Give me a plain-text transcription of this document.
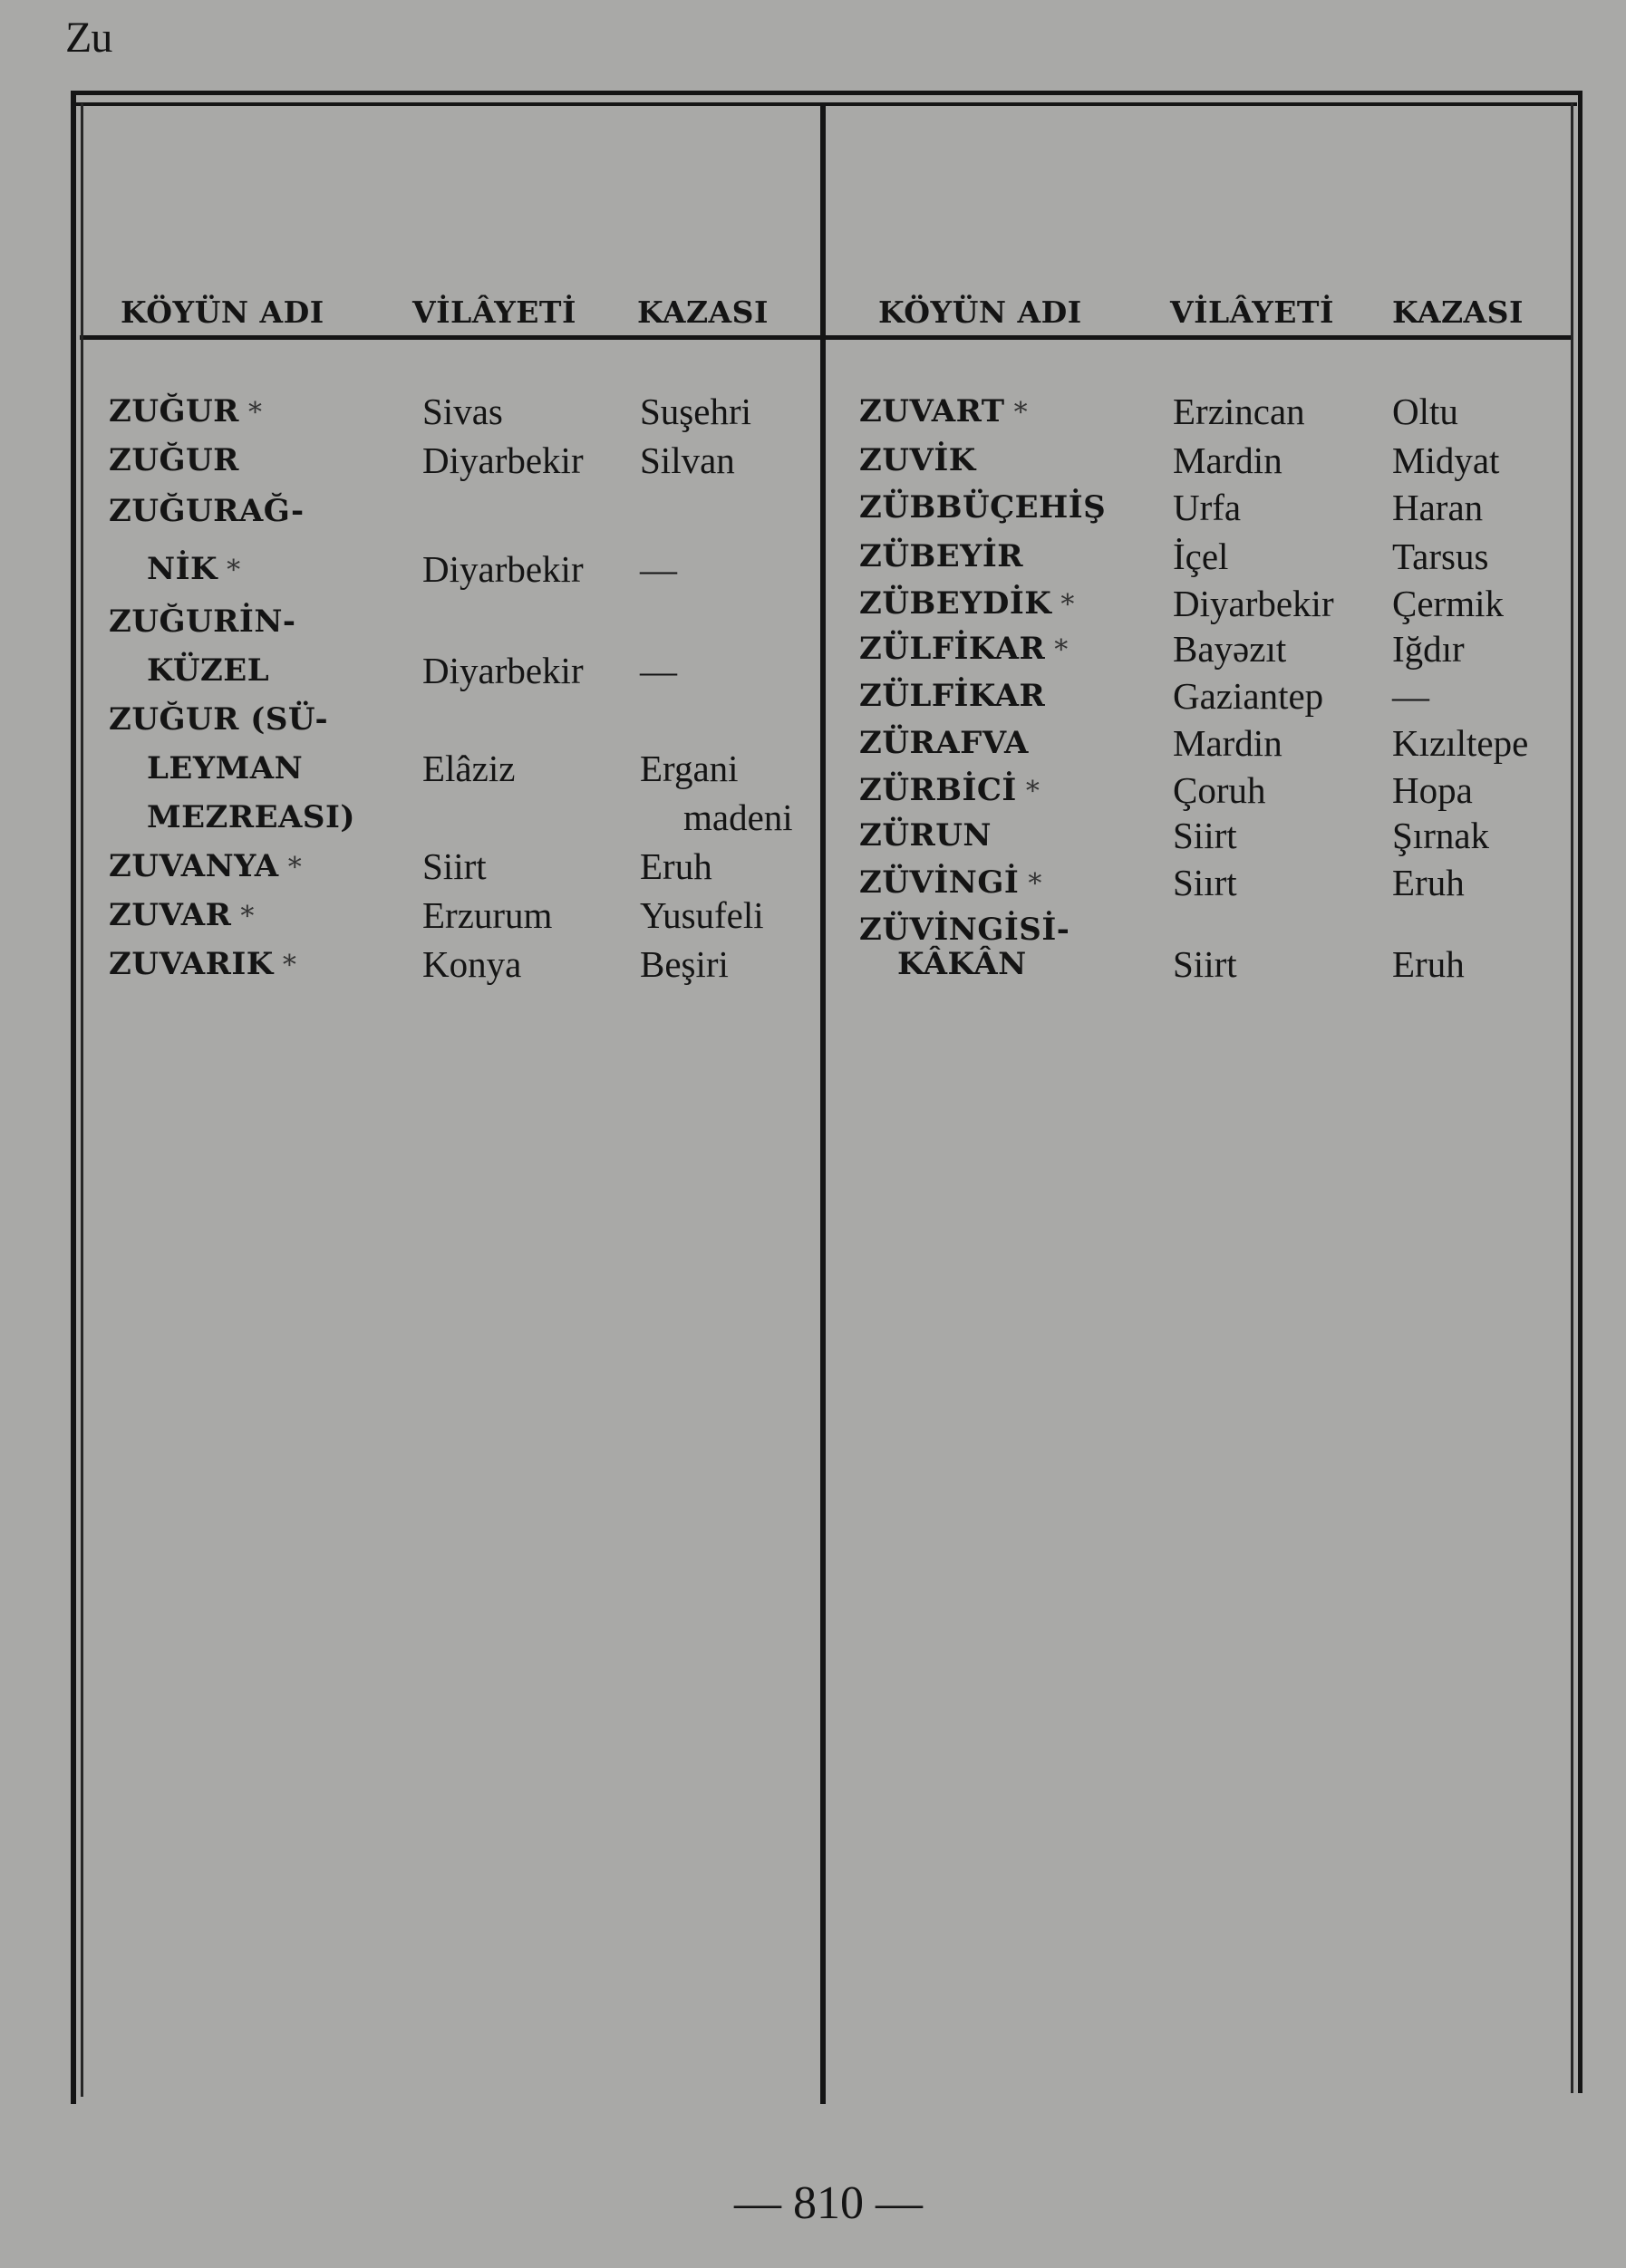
Zu
KÖYÜN ADI	VİLÂYETİ KAZASI	KÖYÜN ADI	VİLÂYETİ KAZASI
ZUĞUR *	Sivas	Suşehri
ZUĞUR	Diyarbekir Silvan
ZUĞURAĞ-
NİK *	Diyarbekir —
ZUĞURİN-
KÜZEL	Diyarbekir —
ZUĞUR (SÜ-
LEYMAN	Elâziz	Ergani
MEZREASI)	madeni
ZUVANYA *	Siirt	Eruh
ZUVAR *	Erzurum Yusufeli
ZUVARIK *	Konya	Beşiri
ZUVART *	Erzincan Oltu
ZUVİK	Mardin	Midyat
ZÜBBÜÇEHİŞ Urfa	Haran
ZÜBEYİR	İçel	Tarsus
ZÜBEYDİK *	Diyarbekir Çermik
ZÜLFİKAR *	Bayəzıt	Iğdır
ZÜLFİKAR	Gaziantep —
ZÜRAFVA	Mardin	Kızıltepe
ZÜRBİCİ *	Çoruh	Hopa
ZÜRUN	Siirt	Şırnak
ZÜVİNGİ *	Siırt	Eruh
ZÜVİNGİSİ-
KÂKÂN	Siirt	Eruh
— 810 —
